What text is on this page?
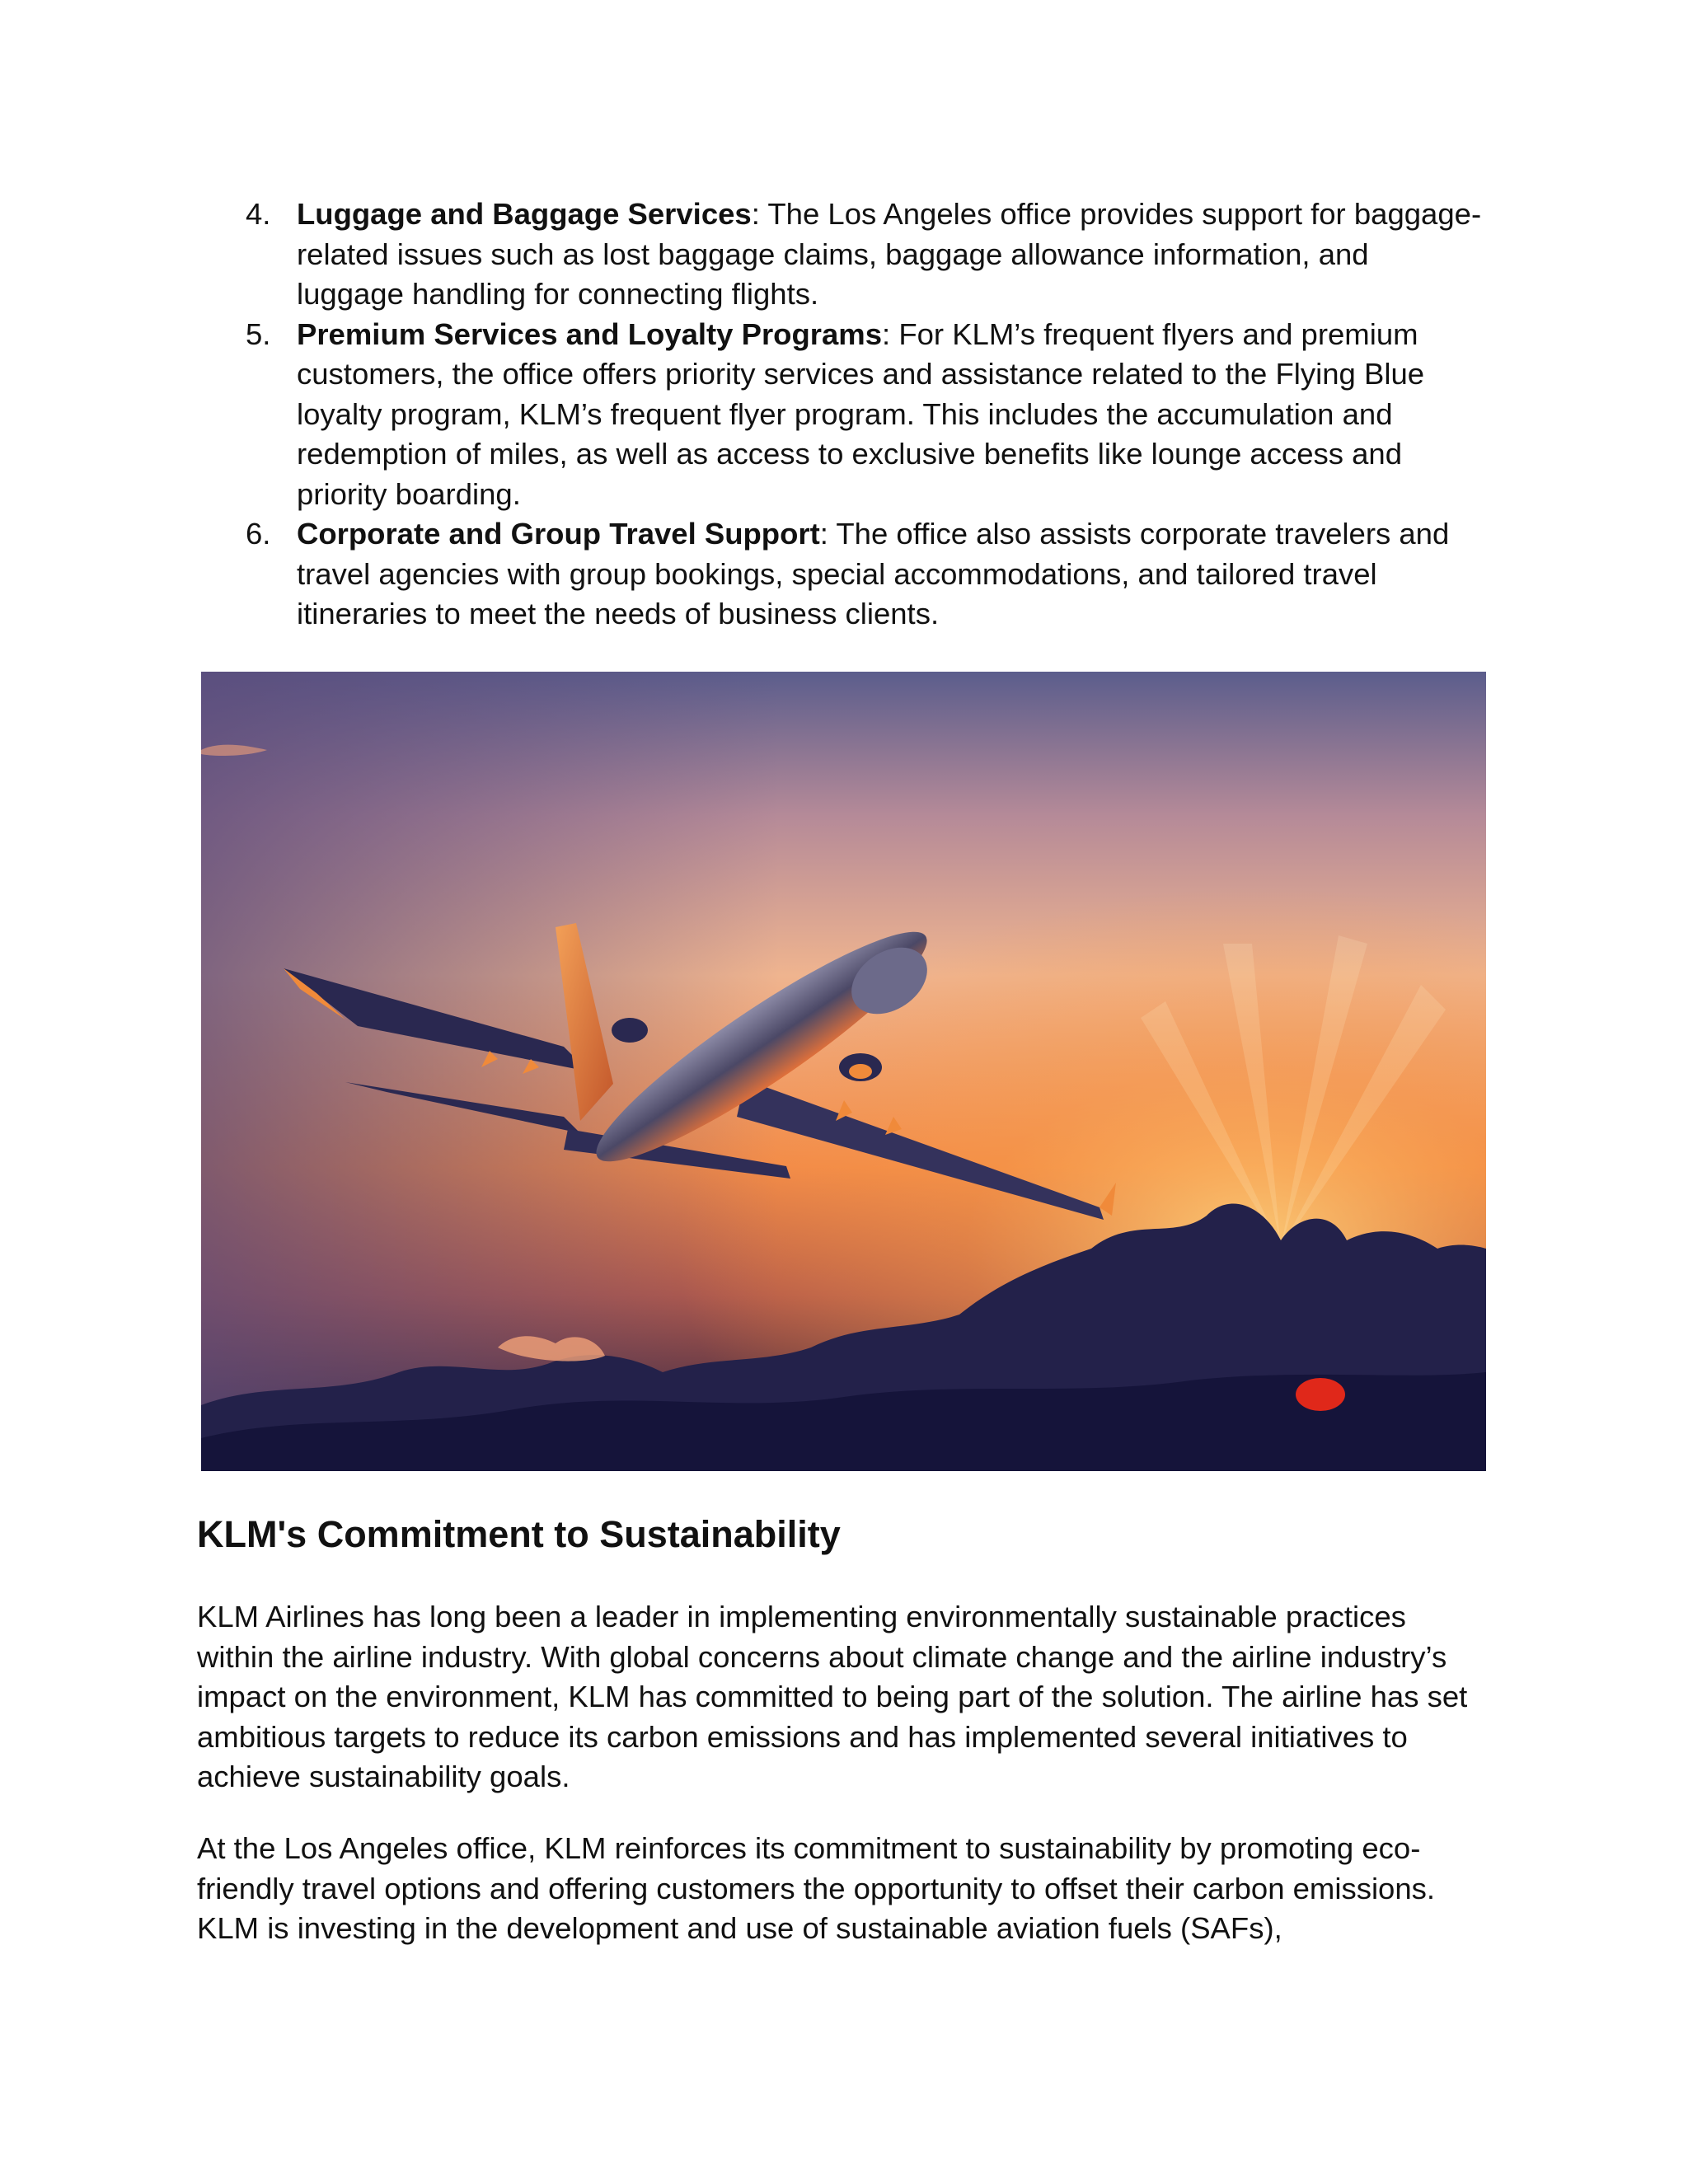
4. Luggage and Baggage Services: The Los Angeles office provides support for baggage-related issues such as lost baggage claims, baggage allowance information, and luggage handling for connecting flights.
5. Premium Services and Loyalty Programs: For KLM’s frequent flyers and premium customers, the office offers priority services and assistance related to the Flying Blue loyalty program, KLM’s frequent flyer program. This includes the accumulation and redemption of miles, as well as access to exclusive benefits like lounge access and priority boarding.
6. Corporate and Group Travel Support: The office also assists corporate travelers and travel agencies with group bookings, special accommodations, and tailored travel itineraries to meet the needs of business clients.
KLM's Commitment to Sustainability

KLM Airlines has long been a leader in implementing environmentally sustainable practices within the airline industry. With global concerns about climate change and the airline industry’s impact on the environment, KLM has committed to being part of the solution. The airline has set ambitious targets to reduce its carbon emissions and has implemented several initiatives to achieve sustainability goals.

At the Los Angeles office, KLM reinforces its commitment to sustainability by promoting eco-friendly travel options and offering customers the opportunity to offset their carbon emissions. KLM is investing in the development and use of sustainable aviation fuels (SAFs),
